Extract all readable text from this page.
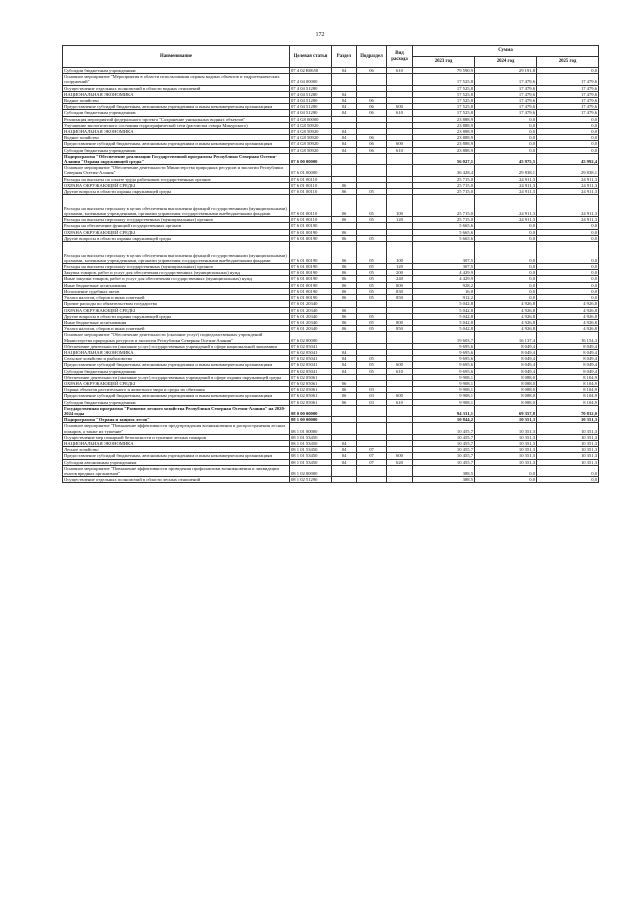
172
Наименование	Целевая статья	Раздел	Подраздел	Вид расхода	Сумма		
					2023 год	2024 год	2025 год
Субсидии бюджетным учреждениям	07 4 02 R0650	04	06	610	79 590,9	29 191,8	0,0
Основное мероприятие "Мероприятия в области использования охраны водных объектов и гидротехнических сооружений"	07 4 04 00000				17 525,8	17 479,6	17 479,6
Осуществление отдельных полномочий в области водных отношений	07 4 04 51280				17 525,8	17 479,6	17 479,6
НАЦИОНАЛЬНАЯ ЭКОНОМИКА	07 4 04 51280	04			17 525,8	17 479,6	17 479,6
Водное хозяйство	07 4 04 51280	04	06		17 525,8	17 479,6	17 479,6
Предоставление субсидий бюджетным, автономным учреждениям и иным некоммерческим организациям	07 4 04 51280	04	06	600	17 525,8	17 479,6	17 479,6
Субсидии бюджетным учреждениям	07 4 04 51280	04	06	610	17 525,8	17 479,6	17 479,6
Реализация мероприятий федерального проекта "Сохранение уникальных водных объектов"	07 4 G8 00000				23 888,9	0,0	0,0
Улучшение экологического состояния гидрографической сети (расчистка створа Микурского)	07 4 G8 50920				23 888,9	0,0	0,0
НАЦИОНАЛЬНАЯ ЭКОНОМИКА	07 4 G8 50920	04			23 888,9	0,0	0,0
Водное хозяйство	07 4 G8 50920	04	06		23 888,9	0,0	0,0
Предоставление субсидий бюджетным, автономным учреждениям и иным некоммерческим организациям	07 4 G8 50920	04	06	600	23 888,9	0,0	0,0
Субсидии бюджетным учреждениям	07 4 G8 50920	04	06	610	23 888,9	0,0	0,0
Подпрограмма "Обеспечение реализации Государственной программы Республики Северная Осетия-Алания "Охрана окружающей среды"	07 6 00 00000				56 027,1	45 975,5	45 992,4
Основное мероприятие "Обеспечение деятельности Министерства природных ресурсов и экологии Республики Северная Осетия-Алания"	07 6 01 00000				36 428,4	29 838,1	29 838,1
Расходы на выплаты по оплате труда работников государственных органов	07 6 01 00110				25 715,0	24 911,3	24 911,3
ОХРАНА ОКРУЖАЮЩЕЙ СРЕДЫ	07 6 01 00110	06			25 715,0	24 911,3	24 911,3
Другие вопросы в области охраны окружающей среды	07 6 01 00110	06	05		25 715,0	24 911,3	24 911,3
Расходы на выплаты персоналу в целях обеспечения выполнения функций государственными (муниципальными) органами, казенными учреждениями, органами управления государственными внебюджетными фондами	07 6 01 00110	06	05	100	25 715,0	24 911,3	24 911,3
Расходы на выплаты персоналу государственных (муниципальных) органов	07 6 01 00110	06	05	120	25 715,0	24 911,3	24 911,3
Расходы на обеспечение функций государственных органов	07 6 01 00190				5 665,6	0,0	0,0
ОХРАНА ОКРУЖАЮЩЕЙ СРЕДЫ	07 6 01 00190	06			5 665,6	0,0	0,0
Другие вопросы в области охраны окружающей среды	07 6 01 00190	06	05		5 665,6	0,0	0,0
Расходы на выплаты персоналу в целях обеспечения выполнения функций государственными (муниципальными) органами, казенными учреждениями, органами управления государственными внебюджетными фондами	07 6 01 00190	06	05	100	307,5	0,0	0,0
Расходы на выплаты персоналу государственных (муниципальных) органов	07 6 01 00190	06	05	120	307,5	0,0	0,0
Закупка товаров, работ и услуг для обеспечения государственных (муниципальных) нужд	07 6 01 00190	06	05	200	4 429,9	0,0	0,0
Иные закупки товаров, работ и услуг для обеспечения государственных (муниципальных) нужд	07 6 01 00190	06	05	240	4 429,9	0,0	0,0
Иные бюджетные ассигнования	07 6 01 00190	06	05	800	928,2	0,0	0,0
Исполнение судебных актов	07 6 01 00190	06	05	830	16,0	0,0	0,0
Уплата налогов, сборов и иных платежей	07 6 01 00190	06	05	850	912,2	0,0	0,0
Прочие расходы по обязательствам государства	07 6 01 20340				5 042,8	4 926,8	4 926,8
ОХРАНА ОКРУЖАЮЩЕЙ СРЕДЫ	07 6 01 20340	06			5 042,8	4 926,8	4 926,8
Другие вопросы в области охраны окружающей среды	07 6 01 20340	06	05		5 042,8	4 926,8	4 926,8
Иные бюджетные ассигнования	07 6 01 20340	06	05	800	5 042,8	4 926,8	4 926,8
Уплата налогов, сборов и иных платежей	07 6 01 20340	06	05	850	5 042,8	4 926,8	4 926,8
Основное мероприятие "Обеспечение деятельности (оказание услуг) подведомственных учреждений Министерства природных ресурсов и экологии Республики Северная Осетия-Алания"	07 6 02 00000				19 603,7	16 137,4	16 154,3
Обеспечение деятельности (оказание услуг) государственных учреждений в сфере национальной экономики	07 6 02 05041				9 695,6	8 049,4	8 049,4
НАЦИОНАЛЬНАЯ ЭКОНОМИКА	07 6 02 05041	04			9 695,6	8 049,4	8 049,4
Сельское хозяйство и рыболовство	07 6 02 05041	04	05		9 695,6	8 049,4	8 049,4
Предоставление субсидий бюджетным, автономным учреждениям и иным некоммерческим организациям	07 6 02 05041	04	05	600	9 695,6	8 049,4	8 049,4
Субсидии бюджетным учреждениям	07 6 02 05041	04	05	610	9 695,6	8 049,4	8 049,4
Обеспечение деятельности (оказание услуг) государственных учреждений в сфере охраны окружающей среды	07 6 02 05061				9 908,1	8 088,0	8 104,9
ОХРАНА ОКРУЖАЮЩЕЙ СРЕДЫ	07 6 02 05061	06			9 908,1	8 088,0	8 104,9
Охрана объектов растительного и животного мира и среды их обитания	07 6 02 05061	06	03		9 908,1	8 088,0	8 104,9
Предоставление субсидий бюджетным, автономным учреждениям и иным некоммерческим организациям	07 6 02 05061	06	03	600	9 908,1	8 088,0	8 104,9
Субсидии бюджетным учреждениям	07 6 02 05061	06	03	610	9 908,1	8 088,0	8 104,9
Государственная программа "Развитие лесного хозяйства Республики Северная Осетия-Алания" на 2020-2024 годы	08 0 00 00000				94 331,1	69 357,8	70 832,0
Подпрограмма "Охрана и защита лесов"	08 1 00 00000				10 844,2	10 351,3	10 351,3
Основное мероприятие "Повышение эффективности предупреждения возникновения и распространения лесных пожаров, а также их тушение"	08 1 01 00000				10 455,7	10 351,3	10 351,3
Осуществление мер пожарной безопасности и тушение лесных пожаров	08 1 01 53450				10 455,7	10 351,3	10 351,3
НАЦИОНАЛЬНАЯ ЭКОНОМИКА	08 1 01 53450	04			10 455,7	10 351,3	10 351,3
Лесное хозяйство	08 1 01 53450	04	07		10 455,7	10 351,3	10 351,3
Предоставление субсидий бюджетным, автономным учреждениям и иным некоммерческим организациям	08 1 01 53450	04	07	600	10 455,7	10 351,3	10 351,3
Субсидии автономным учреждениям	08 1 01 53450	04	07	620	10 455,7	10 351,3	10 351,3
Основное мероприятие "Повышение эффективности проведения профилактики возникновения и ликвидации очагов вредных организмов"	08 1 02 00000				388,5	0,0	0,0
Осуществление отдельных полномочий в области лесных отношений	08 1 02 51290				388,5	0,0	0,0
